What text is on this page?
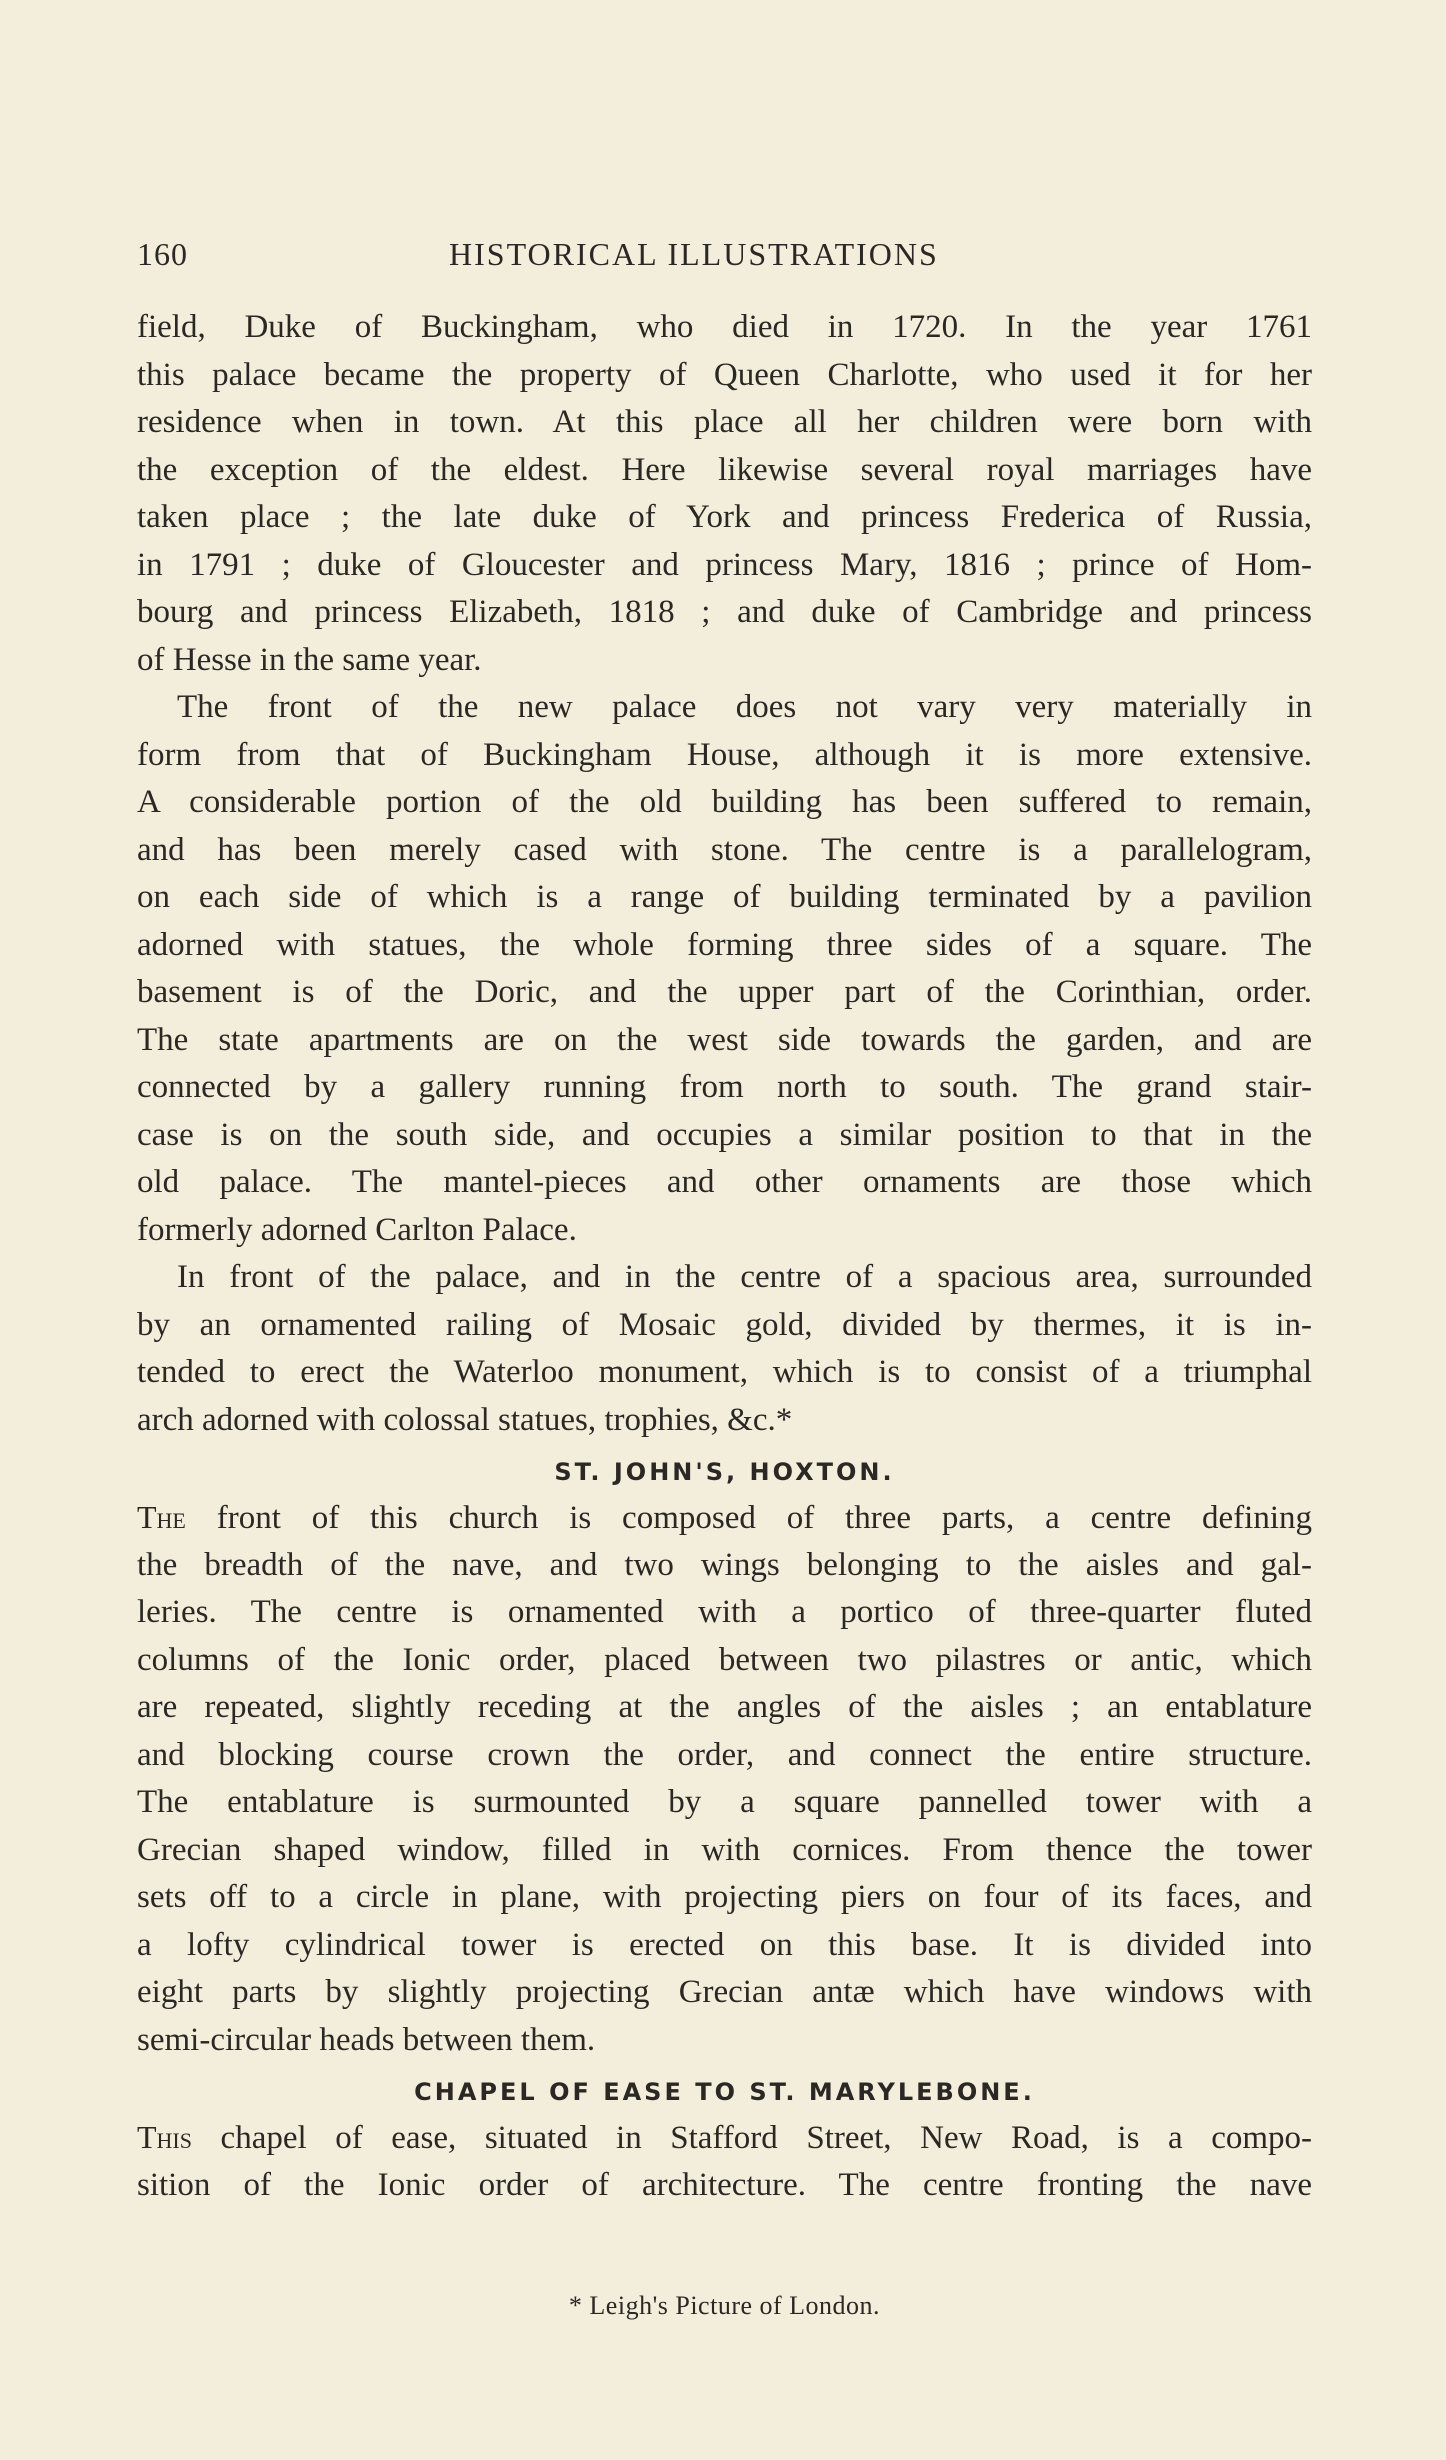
160	HISTORICAL ILLUSTRATIONS
field, Duke of Buckingham, who died in 1720. In the year 1761
this palace became the property of Queen Charlotte, who used it for her
residence when in town. At this place all her children were born with
the exception of the eldest. Here likewise several royal marriages have
taken place ; the late duke of York and princess Frederica of Russia,
in 1791 ; duke of Gloucester and princess Mary, 1816 ; prince of Hom-
bourg and princess Elizabeth, 1818 ; and duke of Cambridge and princess
of Hesse in the same year.
The front of the new palace does not vary very materially in
form from that of Buckingham House, although it is more extensive.
A considerable portion of the old building has been suffered to remain,
and has been merely cased with stone. The centre is a parallelogram,
on each side of which is a range of building terminated by a pavilion
adorned with statues, the whole forming three sides of a square. The
basement is of the Doric, and the upper part of the Corinthian, order.
The state apartments are on the west side towards the garden, and are
connected by a gallery running from north to south. The grand stair-
case is on the south side, and occupies a similar position to that in the
old palace. The mantel-pieces and other ornaments are those which
formerly adorned Carlton Palace.
In front of the palace, and in the centre of a spacious area, surrounded
by an ornamented railing of Mosaic gold, divided by thermes, it is in-
tended to erect the Waterloo monument, which is to consist of a triumphal
arch adorned with colossal statues, trophies, &c.*
ST. JOHN'S, HOXTON.
The front of this church is composed of three parts, a centre defining
the breadth of the nave, and two wings belonging to the aisles and gal-
leries. The centre is ornamented with a portico of three-quarter fluted
columns of the Ionic order, placed between two pilastres or antic, which
are repeated, slightly receding at the angles of the aisles ; an entablature
and blocking course crown the order, and connect the entire structure.
The entablature is surmounted by a square pannelled tower with a
Grecian shaped window, filled in with cornices. From thence the tower
sets off to a circle in plane, with projecting piers on four of its faces, and
a lofty cylindrical tower is erected on this base. It is divided into
eight parts by slightly projecting Grecian antæ which have windows with
semi-circular heads between them.
CHAPEL OF EASE TO ST. MARYLEBONE.
This chapel of ease, situated in Stafford Street, New Road, is a compo-
sition of the Ionic order of architecture. The centre fronting the nave
* Leigh's Picture of London.
